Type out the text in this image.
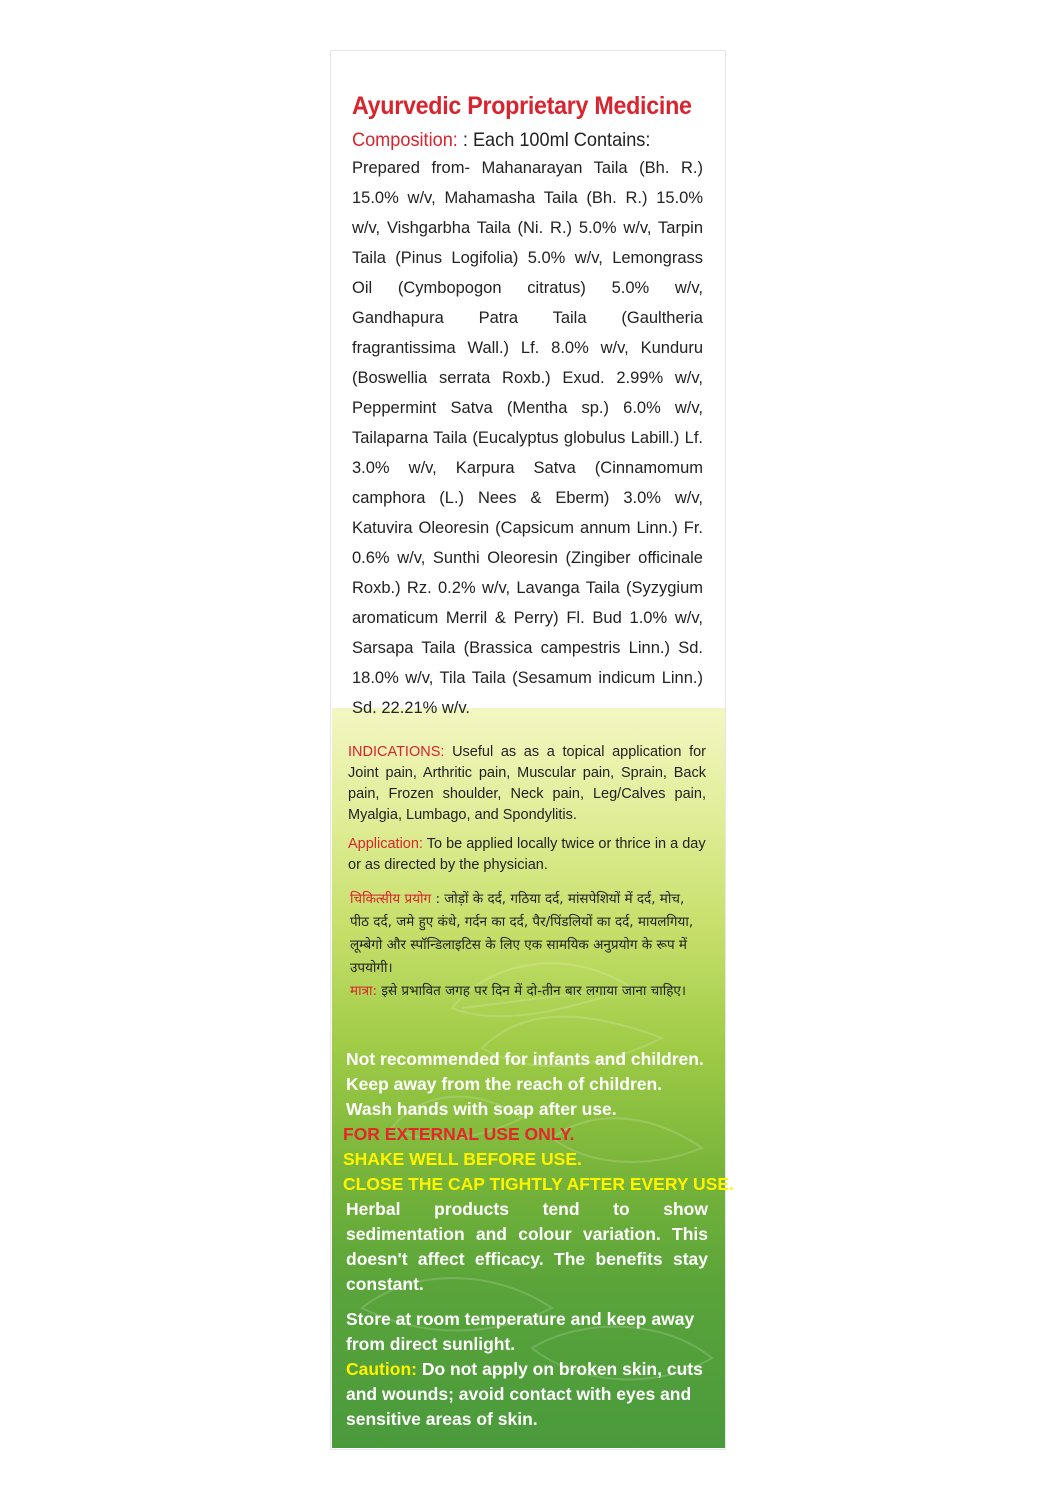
Ayurvedic Proprietary Medicine
Composition: : Each 100ml Contains:
Prepared from- Mahanarayan Taila (Bh. R.) 15.0% w/v, Mahamasha Taila (Bh. R.) 15.0% w/v, Vishgarbha Taila (Ni. R.) 5.0% w/v, Tarpin Taila (Pinus Logifolia) 5.0% w/v, Lemongrass Oil (Cymbopogon citratus) 5.0% w/v, Gandhapura Patra Taila (Gaultheria fragrantissima Wall.) Lf. 8.0% w/v, Kunduru (Boswellia serrata Roxb.) Exud. 2.99% w/v, Peppermint Satva (Mentha sp.) 6.0% w/v, Tailaparna Taila (Eucalyptus globulus Labill.) Lf. 3.0% w/v, Karpura Satva (Cinnamomum camphora (L.) Nees & Eberm) 3.0% w/v, Katuvira Oleoresin (Capsicum annum Linn.) Fr. 0.6% w/v, Sunthi Oleoresin (Zingiber officinale Roxb.) Rz. 0.2% w/v, Lavanga Taila (Syzygium aromaticum Merril & Perry) Fl. Bud 1.0% w/v, Sarsapa Taila (Brassica campestris Linn.) Sd. 18.0% w/v, Tila Taila (Sesamum indicum Linn.) Sd. 22.21% w/v.
INDICATIONS: Useful as as a topical application for Joint pain, Arthritic pain, Muscular pain, Sprain, Back pain, Frozen shoulder, Neck pain, Leg/Calves pain, Myalgia, Lumbago, and Spondylitis.
Application: To be applied locally twice or thrice in a day or as directed by the physician.
चिकित्सीय प्रयोग : जोड़ों के दर्द, गठिया दर्द, मांसपेशियों में दर्द, मोच, पीठ दर्द, जमे हुए कंधे, गर्दन का दर्द, पैर/पिंडलियों का दर्द, मायलगिया, लूम्बेगो और स्पॉन्डिलाइटिस के लिए एक सामयिक अनुप्रयोग के रूप में उपयोगी।
मात्रा: इसे प्रभावित जगह पर दिन में दो-तीन बार लगाया जाना चाहिए।
Not recommended for infants and children.
Keep away from the reach of children.
Wash hands with soap after use.
FOR EXTERNAL USE ONLY.
SHAKE WELL BEFORE USE.
CLOSE THE CAP TIGHTLY AFTER EVERY USE.
Herbal products tend to show sedimentation and colour variation. This doesn't affect efficacy. The benefits stay constant.
Store at room temperature and keep away from direct sunlight.
Caution: Do not apply on broken skin, cuts and wounds; avoid contact with eyes and sensitive areas of skin.
